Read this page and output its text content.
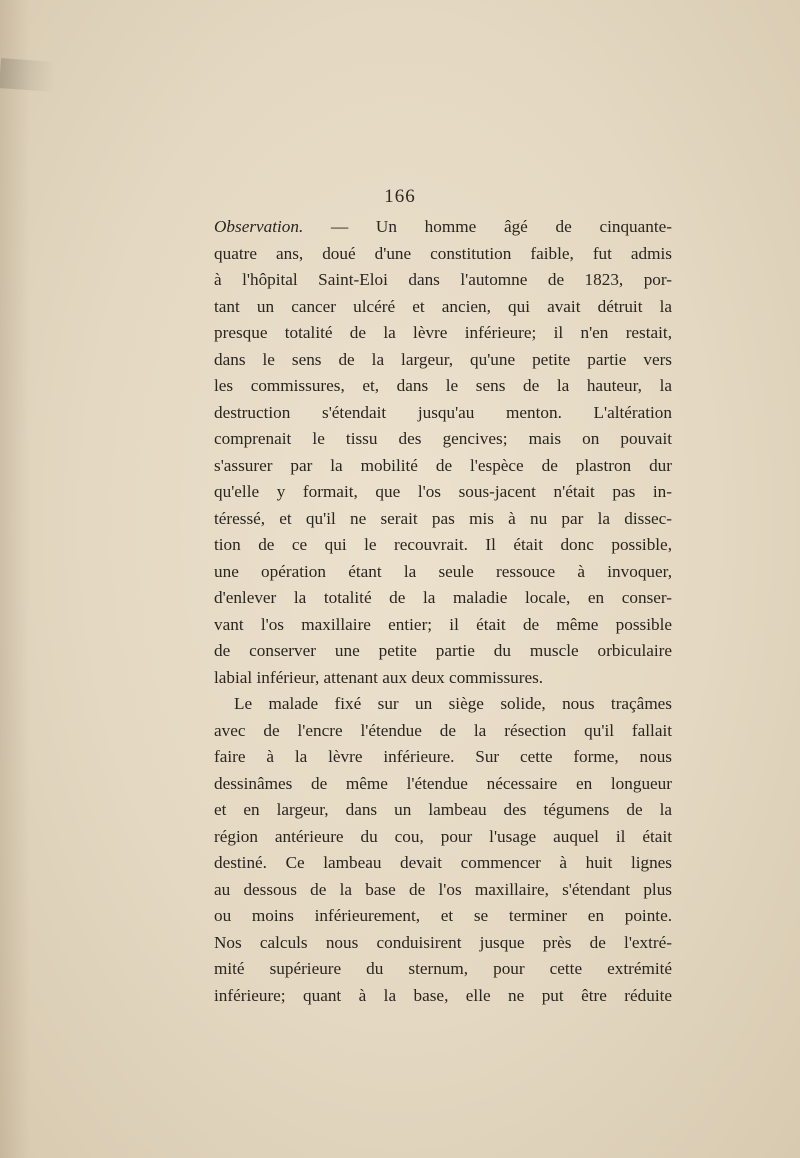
166
Observation. — Un homme âgé de cinquante-
quatre ans, doué d'une constitution faible, fut admis
à l'hôpital Saint-Eloi dans l'automne de 1823, por-
tant un cancer ulcéré et ancien, qui avait détruit la
presque totalité de la lèvre inférieure; il n'en restait,
dans le sens de la largeur, qu'une petite partie vers
les commissures, et, dans le sens de la hauteur, la
destruction s'étendait jusqu'au menton. L'altération
comprenait le tissu des gencives; mais on pouvait
s'assurer par la mobilité de l'espèce de plastron dur
qu'elle y formait, que l'os sous-jacent n'était pas in-
téressé, et qu'il ne serait pas mis à nu par la dissec-
tion de ce qui le recouvrait. Il était donc possible,
une opération étant la seule ressouce à invoquer,
d'enlever la totalité de la maladie locale, en conser-
vant l'os maxillaire entier; il était de même possible
de conserver une petite partie du muscle orbiculaire
labial inférieur, attenant aux deux commissures.
Le malade fixé sur un siège solide, nous traçâmes
avec de l'encre l'étendue de la résection qu'il fallait
faire à la lèvre inférieure. Sur cette forme, nous
dessinâmes de même l'étendue nécessaire en longueur
et en largeur, dans un lambeau des tégumens de la
région antérieure du cou, pour l'usage auquel il était
destiné. Ce lambeau devait commencer à huit lignes
au dessous de la base de l'os maxillaire, s'étendant plus
ou moins inférieurement, et se terminer en pointe.
Nos calculs nous conduisirent jusque près de l'extré-
mité supérieure du sternum, pour cette extrémité
inférieure; quant à la base, elle ne put être réduite
